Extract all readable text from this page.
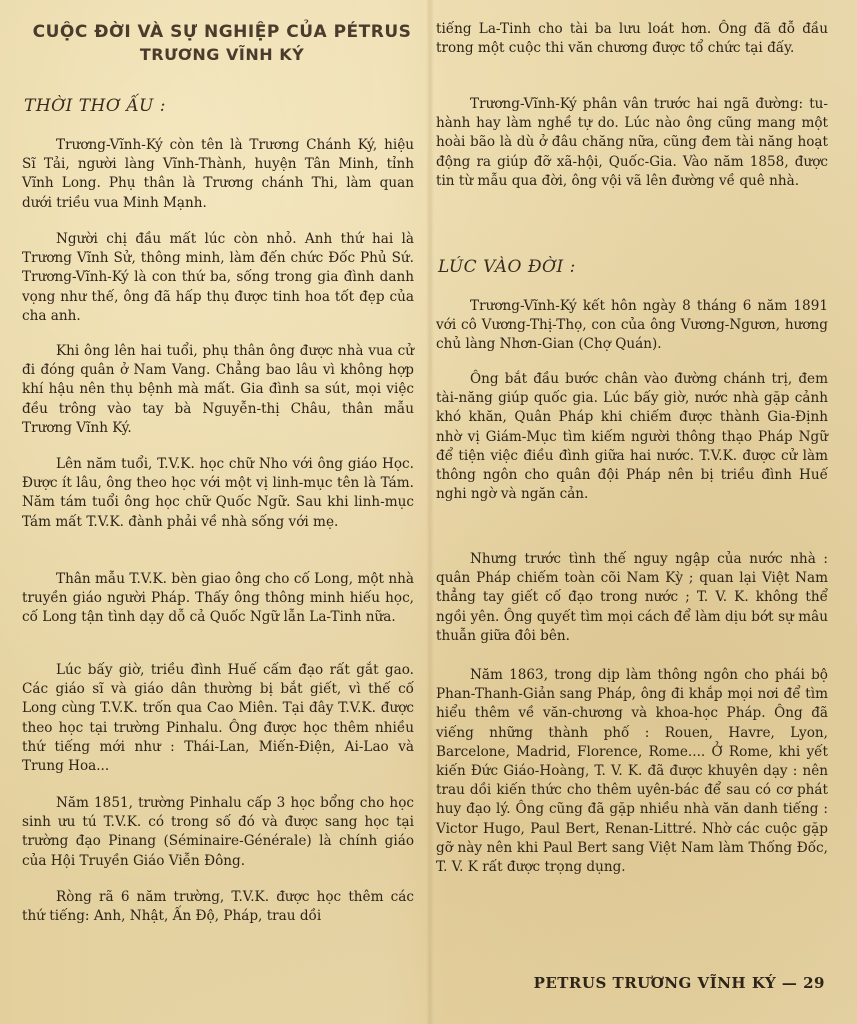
CUỘC ĐỜI VÀ SỰ NGHIỆP CỦA PÉTRUS
TRƯƠNG VĨNH KÝ
THỜI THƠ ẤU :

Trương-Vĩnh-Ký còn tên là Trương Chánh Ký, hiệu Sĩ Tải, người làng Vĩnh-Thành, huyện Tân Minh, tỉnh Vĩnh Long. Phụ thân là Trương chánh Thi, làm quan dưới triều vua Minh Mạnh.

Người chị đầu mất lúc còn nhỏ. Anh thứ hai là Trương Vĩnh Sử, thông minh, làm đến chức Đốc Phủ Sứ. Trương-Vĩnh-Ký là con thứ ba, sống trong gia đình danh vọng như thế, ông đã hấp thụ được tinh hoa tốt đẹp của cha anh.

Khi ông lên hai tuổi, phụ thân ông được nhà vua cử đi đóng quân ở Nam Vang. Chẳng bao lâu vì không hợp khí hậu nên thụ bệnh mà mất. Gia đình sa sút, mọi việc đều trông vào tay bà Nguyễn-thị Châu, thân mẫu Trương Vĩnh Ký.

Lên năm tuổi, T.V.K. học chữ Nho với ông giáo Học. Được ít lâu, ông theo học với một vị linh-mục tên là Tám. Năm tám tuổi ông học chữ Quốc Ngữ. Sau khi linh-mục Tám mất T.V.K. đành phải về nhà sống với mẹ.

Thân mẫu T.V.K. bèn giao ông cho cố Long, một nhà truyền giáo người Pháp. Thấy ông thông minh hiếu học, cố Long tận tình dạy dỗ cả Quốc Ngữ lẫn La-Tinh nữa.

Lúc bấy giờ, triều đình Huế cấm đạo rất gắt gao. Các giáo sĩ và giáo dân thường bị bắt giết, vì thế cố Long cùng T.V.K. trốn qua Cao Miên. Tại đây T.V.K. được theo học tại trường Pinhalu. Ông được học thêm nhiều thứ tiếng mới như : Thái-Lan, Miến-Điện, Ai-Lao và Trung Hoa...

Năm 1851, trường Pinhalu cấp 3 học bổng cho học sinh ưu tú T.V.K. có trong số đó và được sang học tại trường đạo Pinang (Séminaire-Générale) là chính giáo của Hội Truyền Giáo Viễn Đông.

Ròng rã 6 năm trường, T.V.K. được học thêm các thứ tiếng: Anh, Nhật, Ấn Độ, Pháp, trau dồi

tiếng La-Tinh cho tài ba lưu loát hơn. Ông đã đỗ đầu trong một cuộc thi văn chương được tổ chức tại đấy.

Trương-Vĩnh-Ký phân vân trước hai ngã đường: tu-hành hay làm nghề tự do. Lúc nào ông cũng mang một hoài bão là dù ở đâu chăng nữa, cũng đem tài năng hoạt động ra giúp đỡ xã-hội, Quốc-Gia. Vào năm 1858, được tin từ mẫu qua đời, ông vội vã lên đường về quê nhà.

LÚC VÀO ĐỜI :

Trương-Vĩnh-Ký kết hôn ngày 8 tháng 6 năm 1891 với cô Vương-Thị-Thọ, con của ông Vương-Ngươn, hương chủ làng Nhơn-Gian (Chợ Quán).

Ông bắt đầu bước chân vào đường chánh trị, đem tài-năng giúp quốc gia. Lúc bấy giờ, nước nhà gặp cảnh khó khăn, Quân Pháp khi chiếm được thành Gia-Định nhờ vị Giám-Mục tìm kiếm người thông thạo Pháp Ngữ để tiện việc điều đình giữa hai nước. T.V.K. được cử làm thông ngôn cho quân đội Pháp nên bị triều đình Huế nghi ngờ và ngăn cản.

Nhưng trước tình thế nguy ngập của nước nhà : quân Pháp chiếm toàn cõi Nam Kỳ ; quan lại Việt Nam thẳng tay giết cố đạo trong nước ; T. V. K. không thể ngồi yên. Ông quyết tìm mọi cách để làm dịu bớt sự mâu thuẫn giữa đôi bên.

Năm 1863, trong dịp làm thông ngôn cho phái bộ Phan-Thanh-Giản sang Pháp, ông đi khắp mọi nơi để tìm hiểu thêm về văn-chương và khoa-học Pháp. Ông đã viếng những thành phố : Rouen, Havre, Lyon, Barcelone, Madrid, Florence, Rome.... Ở Rome, khi yết kiến Đức Giáo-Hoàng, T. V. K. đã được khuyên dạy : nên trau dồi kiến thức cho thêm uyên-bác để sau có cơ phát huy đạo lý. Ông cũng đã gặp nhiều nhà văn danh tiếng : Victor Hugo, Paul Bert, Renan-Littré. Nhờ các cuộc gặp gỡ này nên khi Paul Bert sang Việt Nam làm Thống Đốc, T. V. K rất được trọng dụng.

PETRUS TRƯƠNG VĨNH KÝ — 29
